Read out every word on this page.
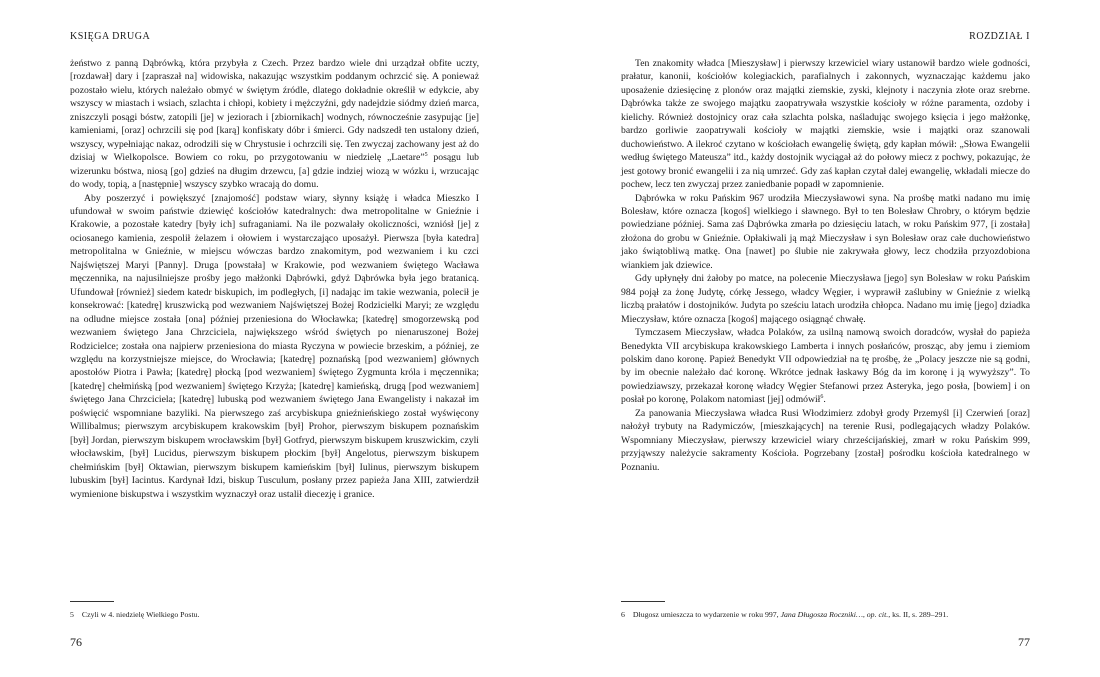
KSIĘGA DRUGA

żeństwo z panną Dąbrówką, która przybyła z Czech. Przez bardzo wiele dni urządzał obfite uczty, [rozdawał] dary i [zapraszał na] widowiska, nakazując wszystkim poddanym ochrzcić się. A ponieważ pozostało wielu, których należało obmyć w świętym źródle, dlatego dokładnie określił w edykcie, aby wszyscy w miastach i wsiach, szlachta i chłopi, kobiety i mężczyźni, gdy nadejdzie siódmy dzień marca, zniszczyli posągi bóstw, zatopili [je] w jeziorach i [zbiornikach] wodnych, równocześnie zasypując [je] kamieniami, [oraz] ochrzcili się pod [karą] konfiskaty dóbr i śmierci. Gdy nadszedł ten ustalony dzień, wszyscy, wypełniając nakaz, odrodzili się w Chrystusie i ochrzcili się. Ten zwyczaj zachowany jest aż do dzisiaj w Wielkopolsce. Bowiem co roku, po przygotowaniu w niedzielę „Laetare”$^5$ posągu lub wizerunku bóstwa, niosą [go] gdzieś na długim drzewcu, [a] gdzie indziej wiozą w wózku i, wrzucając do wody, topią, a [następnie] wszyscy szybko wracają do domu.

Aby poszerzyć i powiększyć [znajomość] podstaw wiary, słynny książę i władca Mieszko I ufundował w swoim państwie dziewięć kościołów katedralnych: dwa metropolitalne w Gnieźnie i Krakowie, a pozostałe katedry [były ich] sufraganiami. Na ile pozwalały okoliczności, wzniósł [je] z ociosanego kamienia, zespolił żelazem i ołowiem i wystarczająco uposażył. Pierwsza [była katedra] metropolitalna w Gnieźnie, w miejscu wówczas bardzo znakomitym, pod wezwaniem i ku czci Najświętszej Maryi [Panny]. Druga [powstała] w Krakowie, pod wezwaniem świętego Wacława męczennika, na najusilniejsze prośby jego małżonki Dąbrówki, gdyż Dąbrówka była jego bratanicą. Ufundował [również] siedem katedr biskupich, im podległych, [i] nadając im takie wezwania, polecił je konsekrować: [katedrę] kruszwicką pod wezwaniem Najświętszej Bożej Rodzicielki Maryi; ze względu na odludne miejsce została [ona] później przeniesiona do Włocławka; [katedrę] smogorzewską pod wezwaniem świętego Jana Chrzciciela, największego wśród świętych po nienaruszonej Bożej Rodzicielce; została ona najpierw przeniesiona do miasta Ryczyna w powiecie brzeskim, a później, ze względu na korzystniejsze miejsce, do Wrocławia; [katedrę] poznańską [pod wezwaniem] głównych apostołów Piotra i Pawła; [katedrę] płocką [pod wezwaniem] świętego Zygmunta króla i męczennika; [katedrę] chełmińską [pod wezwaniem] świętego Krzyża; [katedrę] kamieńską, drugą [pod wezwaniem] świętego Jana Chrzciciela; [katedrę] lubuską pod wezwaniem świętego Jana Ewangelisty i nakazał im poświęcić wspomniane bazyliki. Na pierwszego zaś arcybiskupa gnieźnieńskiego został wyświęcony Willibalmus; pierwszym arcybiskupem krakowskim [był] Prohor, pierwszym biskupem poznańskim [był] Jordan, pierwszym biskupem wrocławskim [był] Gotfryd, pierwszym biskupem kruszwickim, czyli włocławskim, [był] Lucidus, pierwszym biskupem płockim [był] Angelotus, pierwszym biskupem chełmińskim [był] Oktawian, pierwszym biskupem kamieńskim [był] Iulinus, pierwszym biskupem lubuskim [był] Iacintus. Kardynał Idzi, biskup Tusculum, posłany przez papieża Jana XIII, zatwierdził wymienione biskupstwa i wszystkim wyznaczył oraz ustalił diecezję i granice.

5 Czyli w 4. niedzielę Wielkiego Postu.
76
ROZDZIAŁ I

Ten znakomity władca [Mieszysław] i pierwszy krzewiciel wiary ustanowił bardzo wiele godności, prałatur, kanonii, kościołów kolegiackich, parafialnych i zakonnych, wyznaczając każdemu jako uposażenie dziesięcinę z plonów oraz majątki ziemskie, zyski, klejnoty i naczynia złote oraz srebrne. Dąbrówka także ze swojego majątku zaopatrywała wszystkie kościoły w różne paramenta, ozdoby i kielichy. Również dostojnicy oraz cała szlachta polska, naśladując swojego księcia i jego małżonkę, bardzo gorliwie zaopatrywali kościoły w majątki ziemskie, wsie i majątki oraz szanowali duchowieństwo. A ilekroć czytano w kościołach ewangelię świętą, gdy kapłan mówił: „Słowa Ewangelii według świętego Mateusza” itd., każdy dostojnik wyciągał aż do połowy miecz z pochwy, pokazując, że jest gotowy bronić ewangelii i za nią umrzeć. Gdy zaś kapłan czytał dalej ewangelię, wkładali miecze do pochew, lecz ten zwyczaj przez zaniedbanie popadł w zapomnienie.

Dąbrówka w roku Pańskim 967 urodziła Mieczysławowi syna. Na prośbę matki nadano mu imię Bolesław, które oznacza [kogoś] wielkiego i sławnego. Był to ten Bolesław Chrobry, o którym będzie powiedziane później. Sama zaś Dąbrówka zmarła po dziesięciu latach, w roku Pańskim 977, [i została] złożona do grobu w Gnieźnie. Opłakiwali ją mąż Mieczysław i syn Bolesław oraz całe duchowieństwo jako świątobliwą matkę. Ona [nawet] po ślubie nie zakrywała głowy, lecz chodziła przyozdobiona wiankiem jak dziewice.

Gdy upłynęły dni żałoby po matce, na polecenie Mieczysława [jego] syn Bolesław w roku Pańskim 984 pojął za żonę Judytę, córkę Jessego, władcy Węgier, i wyprawił zaślubiny w Gnieźnie z wielką liczbą prałatów i dostojników. Judyta po sześciu latach urodziła chłopca. Nadano mu imię [jego] dziadka Mieczysław, które oznacza [kogoś] mającego osiągnąć chwałę.

Tymczasem Mieczysław, władca Polaków, za usilną namową swoich doradców, wysłał do papieża Benedykta VII arcybiskupa krakowskiego Lamberta i innych posłańców, prosząc, aby jemu i ziemiom polskim dano koronę. Papież Benedykt VII odpowiedział na tę prośbę, że „Polacy jeszcze nie są godni, by im obecnie należało dać koronę. Wkrótce jednak łaskawy Bóg da im koronę i ją wywyższy”. To powiedziawszy, przekazał koronę władcy Węgier Stefanowi przez Asteryka, jego posła, [bowiem] i on posłał po koronę, Polakom natomiast [jej] odmówił$^6$.

Za panowania Mieczysława władca Rusi Włodzimierz zdobył grody Przemyśl [i] Czerwień [oraz] nałożył trybuty na Radymiczów, [mieszkających] na terenie Rusi, podlegających władzy Polaków. Wspomniany Mieczysław, pierwszy krzewiciel wiary chrześcijańskiej, zmarł w roku Pańskim 999, przyjąwszy należycie sakramenty Kościoła. Pogrzebany [został] pośrodku kościoła katedralnego w Poznaniu.

6 Długosz umieszcza to wydarzenie w roku 997, Jana Długosza Roczniki…, op. cit., ks. II, s. 289–291.
77
